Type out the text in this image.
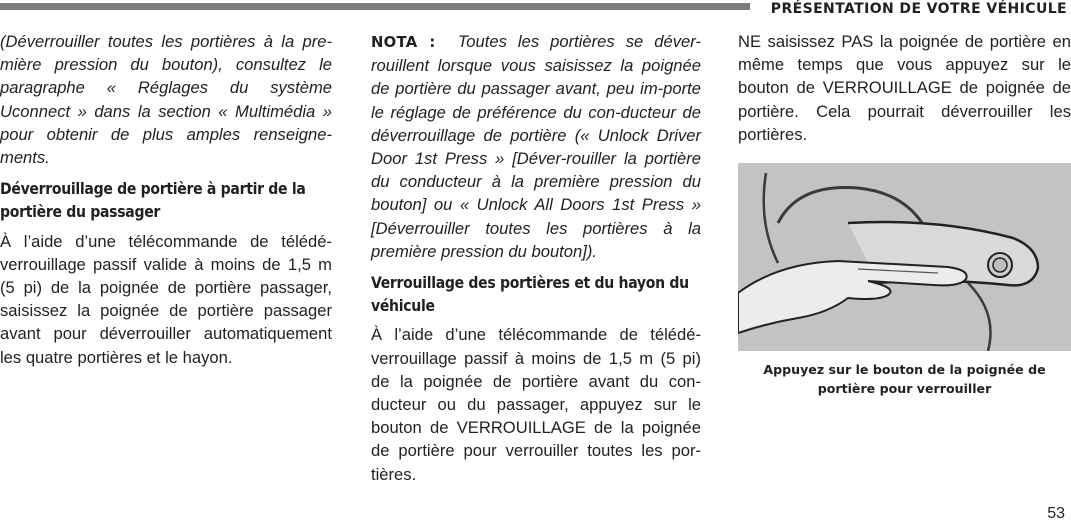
PRÉSENTATION DE VOTRE VÉHICULE

(Déverrouiller toutes les portières à la pre-mière pression du bouton), consultez le paragraphe « Réglages du système Uconnect » dans la section « Multimédia » pour obtenir de plus amples renseigne-ments.

Déverrouillage de portière à partir de la portière du passager

À l’aide d’une télécommande de télédé-verrouillage passif valide à moins de 1,5 m (5 pi) de la poignée de portière passager, saisissez la poignée de portière passager avant pour déverrouiller automatiquement les quatre portières et le hayon.

NOTA : Toutes les portières se déver-rouillent lorsque vous saisissez la poignée de portière du passager avant, peu im-porte le réglage de préférence du con-ducteur de déverrouillage de portière (« Unlock Driver Door 1st Press » [Déver-rouiller la portière du conducteur à la première pression du bouton] ou « Unlock All Doors 1st Press » [Déverrouiller toutes les portières à la première pression du bouton]).

Verrouillage des portières et du hayon du véhicule

À l’aide d’une télécommande de télédé-verrouillage passif à moins de 1,5 m (5 pi) de la poignée de portière avant du con-ducteur ou du passager, appuyez sur le bouton de VERROUILLAGE de la poignée de portière pour verrouiller toutes les por-tières.

NE saisissez PAS la poignée de portière en même temps que vous appuyez sur le bouton de VERROUILLAGE de poignée de portière. Cela pourrait déverrouiller les portières.

Appuyez sur le bouton de la poignée de portière pour verrouiller
53
